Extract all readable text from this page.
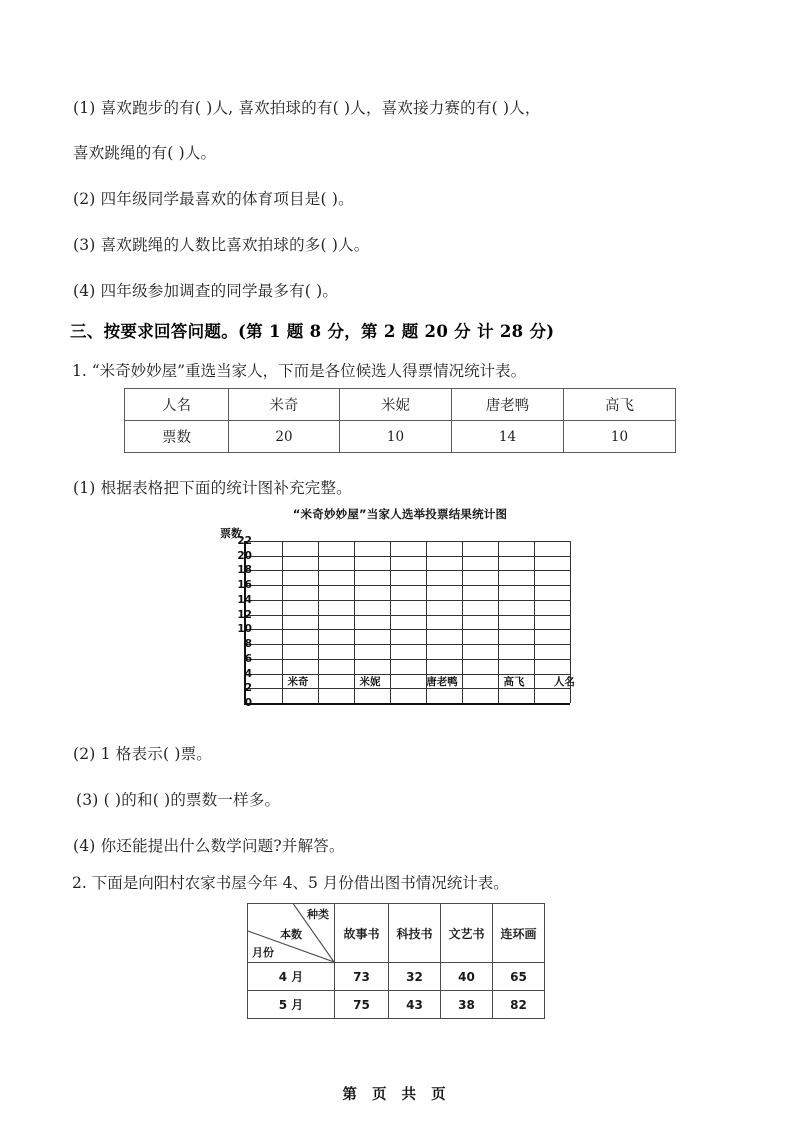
(1) 喜欢跑步的有( )人, 喜欢拍球的有( )人，喜欢接力赛的有( )人，
喜欢跳绳的有( )人。
(2) 四年级同学最喜欢的体育项目是( )。
(3) 喜欢跳绳的人数比喜欢拍球的多( )人。
(4) 四年级参加调查的同学最多有( )。
三、按要求回答问题。(第 1 题 8 分，第 2 题 20 分 计 28 分)
1. “米奇妙妙屋”重选当家人，下而是各位候选人得票情况统计表。
人名	米奇	米妮	唐老鸭	高飞
票数	20	10	14	10
(1) 根据表格把下面的统计图补充完整。
“米奇妙妙屋”当家人选举投票结果统计图
票数
22
20
18
16
14
12
10
8
6
4
2
0
米奇	米妮	唐老鸭	高飞	人名
(2) 1 格表示( )票。
(3) ( )的和( )的票数一样多。
(4) 你还能提出什么数学问题?并解答。
2. 下面是向阳村农家书屋今年 4、5 月份借出图书情况统计表。
种类
本数
月份	故事书	科技书	文艺书	连环画
4 月	73	32	40	65
5 月	75	43	38	82
第 页 共 页
